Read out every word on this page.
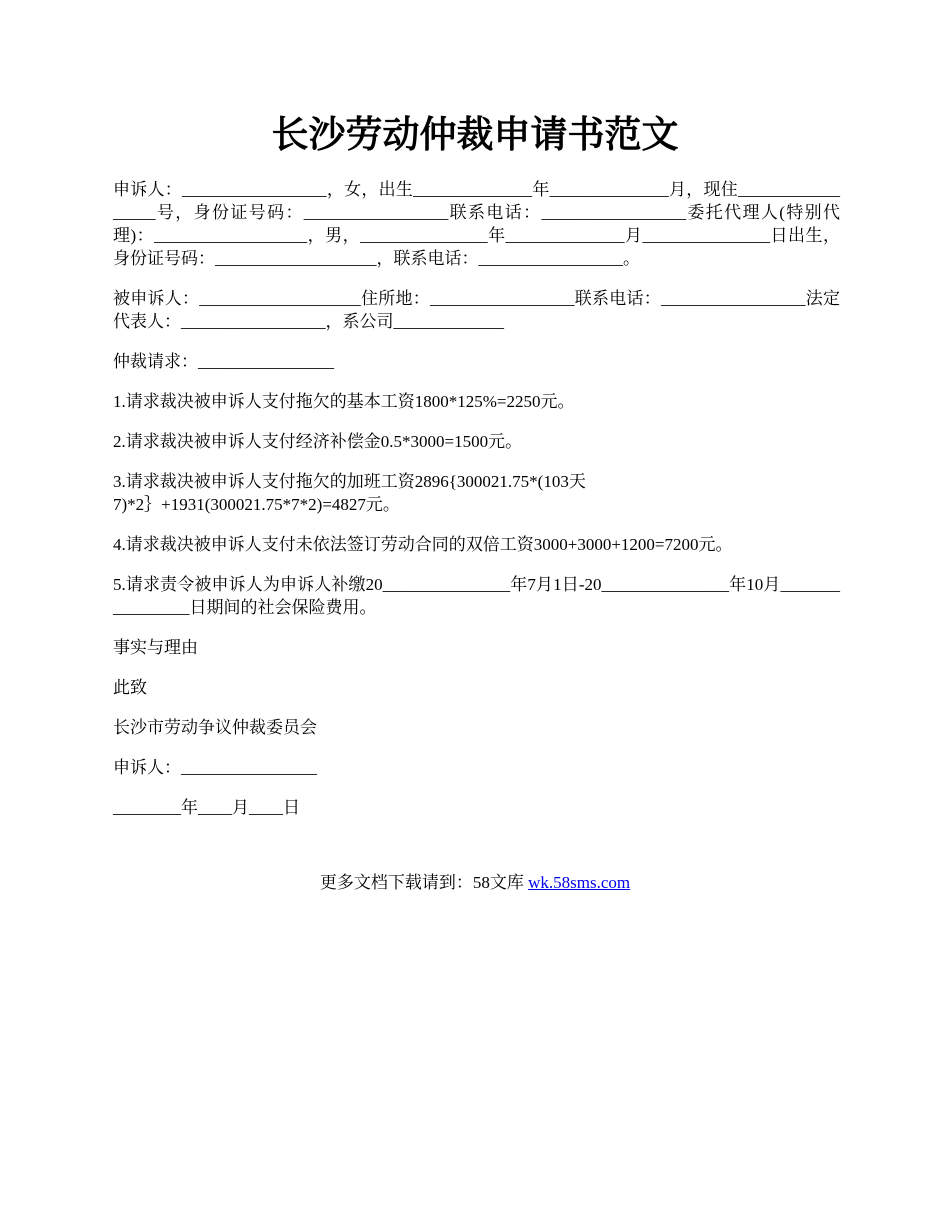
长沙劳动仲裁申请书范文

申诉人：_________________，女，出生______________年______________月，现住_________________号，身份证号码：_________________联系电话：_________________委托代理人(特别代理)：__________________，男，_______________年______________月_______________日出生，身份证号码：___________________，联系电话：_________________。

被申诉人：___________________住所地：_________________联系电话：_________________法定代表人：_________________，系公司_____________

仲裁请求：________________

1.请求裁决被申诉人支付拖欠的基本工资1800*125%=2250元。

2.请求裁决被申诉人支付经济补偿金0.5*3000=1500元。

3.请求裁决被申诉人支付拖欠的加班工资2896{300021.75*(103天
7)*2｝+1931(300021.75*7*2)=4827元。

4.请求裁决被申诉人支付未依法签订劳动合同的双倍工资3000+3000+1200=7200元。

5.请求责令被申诉人为申诉人补缴20_______________年7月1日-20_______________年10月________________日期间的社会保险费用。

事实与理由

此致

长沙市劳动争议仲裁委员会

申诉人：________________

________年____月____日

更多文档下载请到：58文库 wk.58sms.com
